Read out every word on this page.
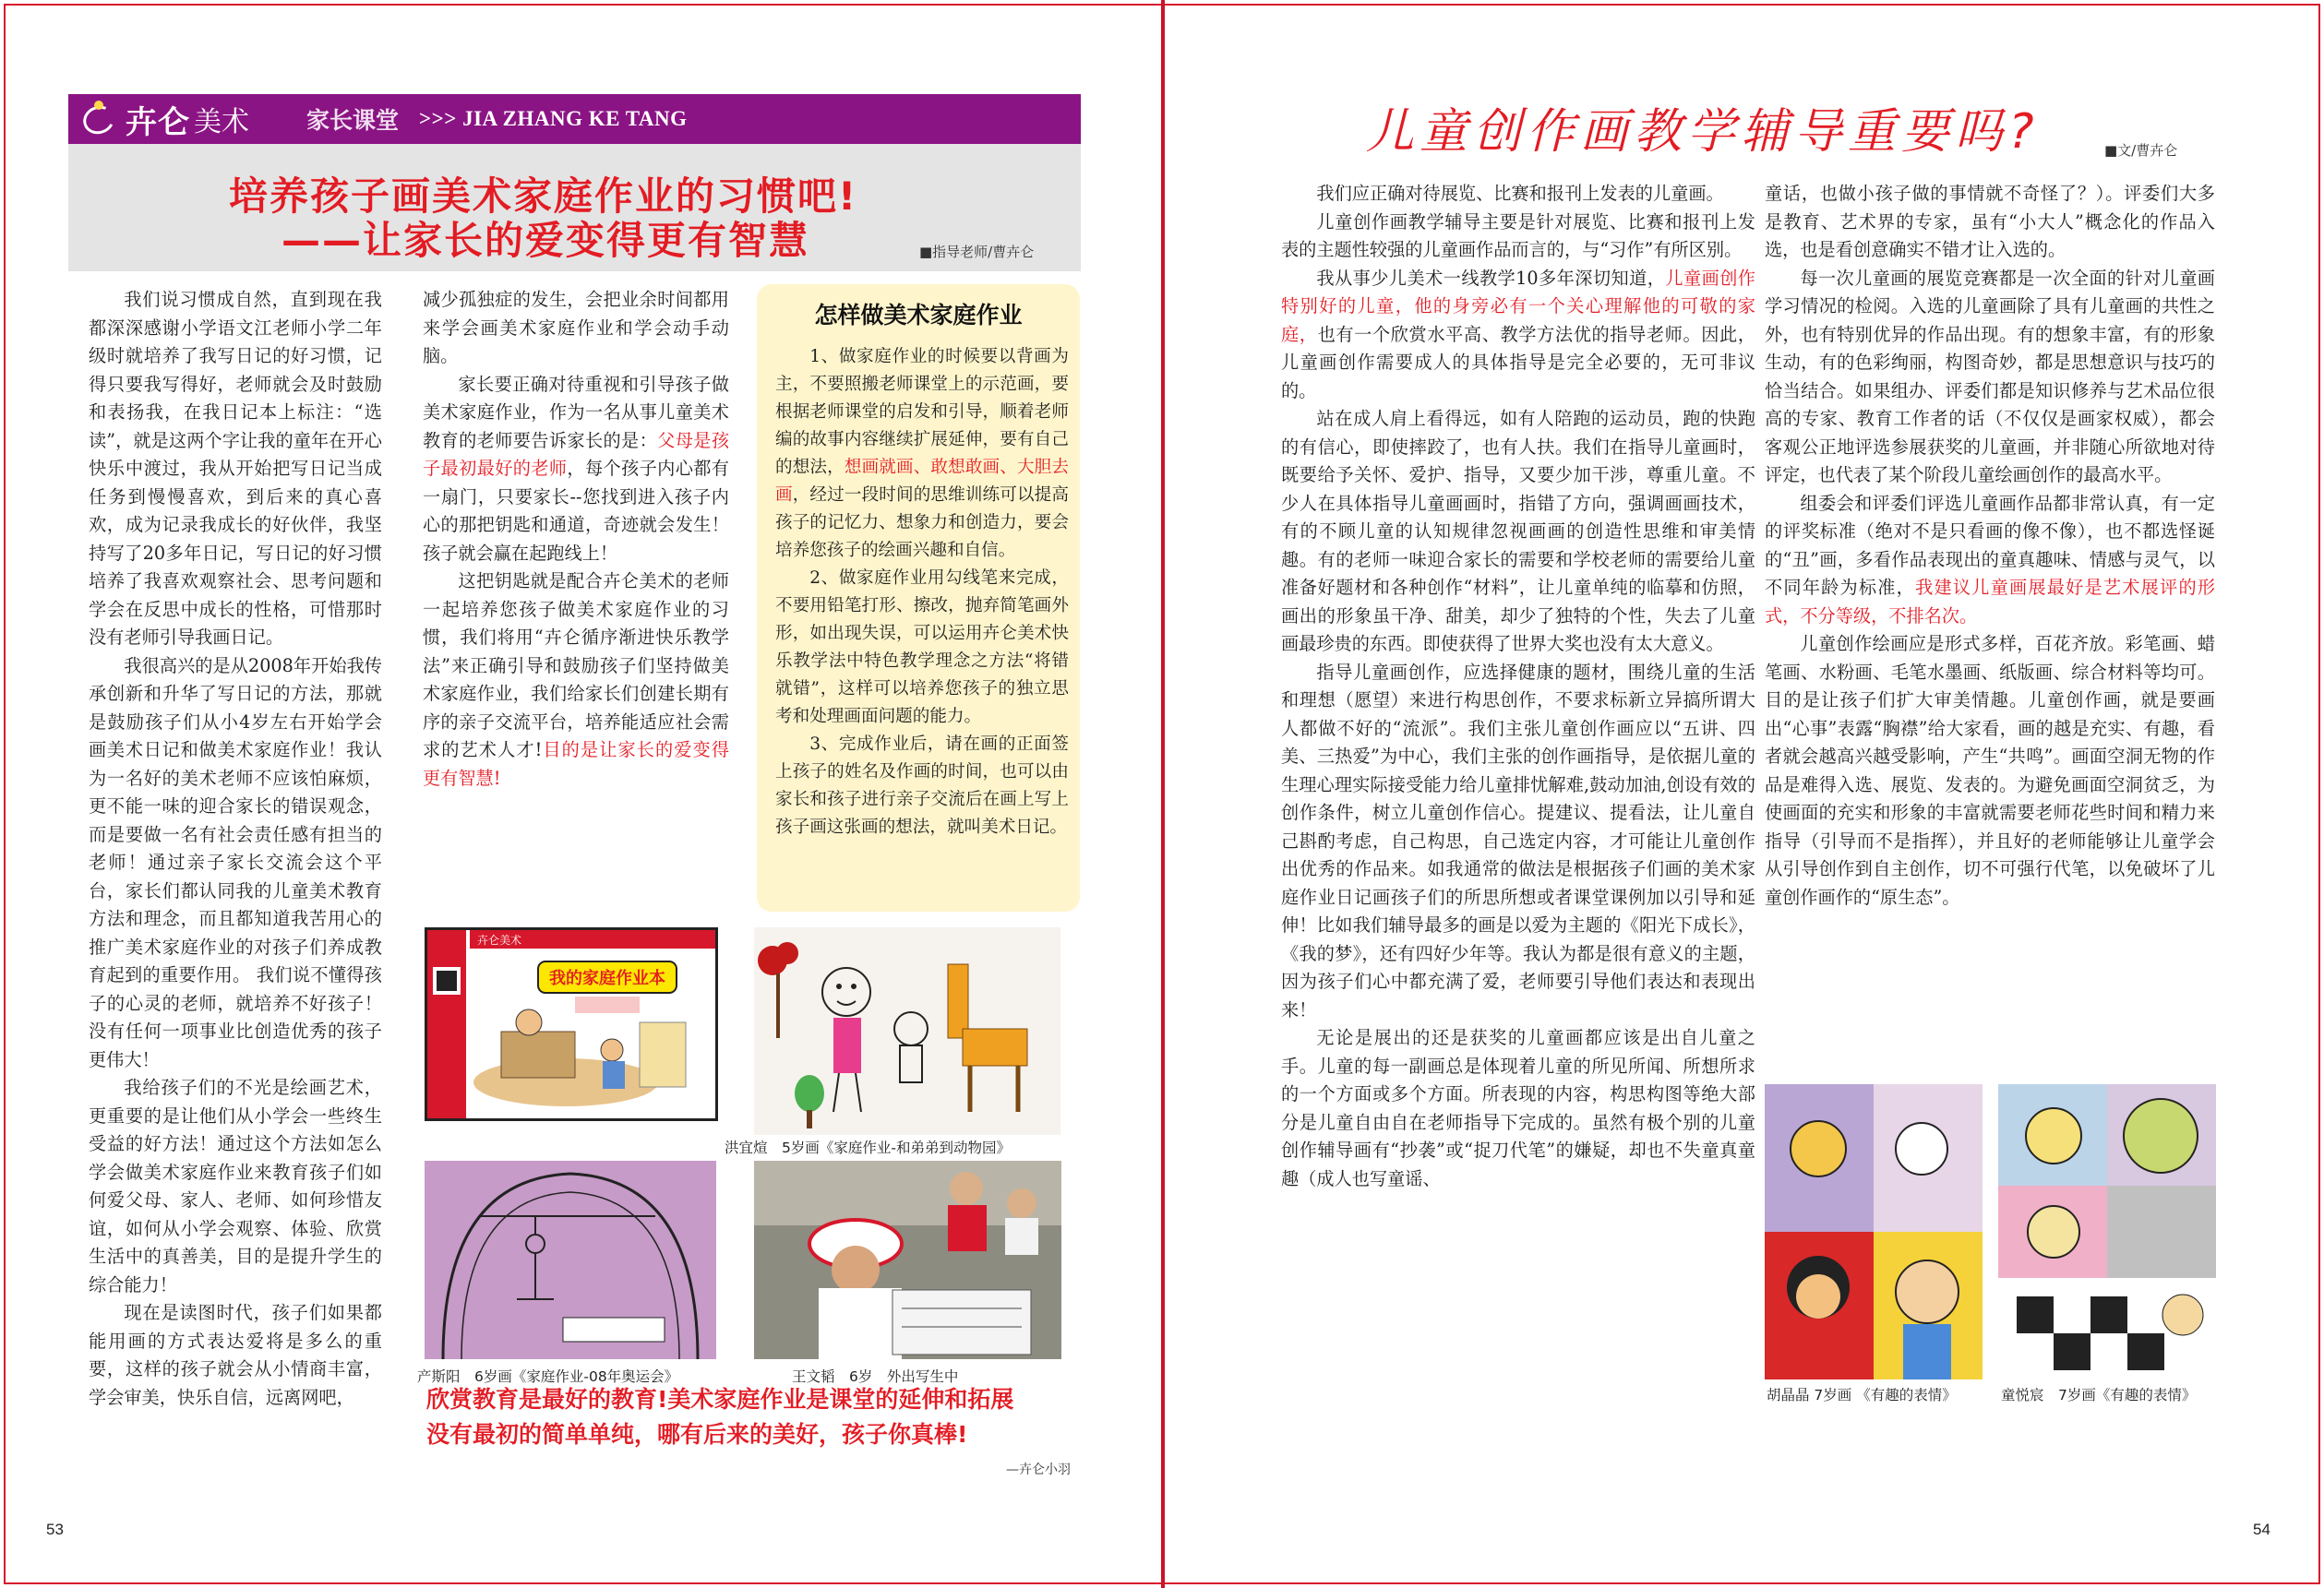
卉仑 美术 家长课堂 >>> JIA ZHANG KE TANG
培养孩子画美术家庭作业的习惯吧!
——让家长的爱变得更有智慧	■指导老师/曹卉仑

我们说习惯成自然，直到现在我都深深感谢小学语文江老师小学二年级时就培养了我写日记的好习惯，记得只要我写得好，老师就会及时鼓励和表扬我，在我日记本上标注：“选读”，就是这两个字让我的童年在开心快乐中渡过，我从开始把写日记当成任务到慢慢喜欢，到后来的真心喜欢，成为记录我成长的好伙伴，我坚持写了20多年日记，写日记的好习惯培养了我喜欢观察社会、思考问题和学会在反思中成长的性格，可惜那时没有老师引导我画日记。

我很高兴的是从2008年开始我传承创新和升华了写日记的方法，那就是鼓励孩子们从小4岁左右开始学会画美术日记和做美术家庭作业！我认为一名好的美术老师不应该怕麻烦，更不能一味的迎合家长的错误观念，而是要做一名有社会责任感有担当的老师！通过亲子家长交流会这个平台，家长们都认同我的儿童美术教育方法和理念，而且都知道我苦用心的推广美术家庭作业的对孩子们养成教育起到的重要作用。 我们说不懂得孩子的心灵的老师，就培养不好孩子！没有任何一项事业比创造优秀的孩子更伟大！

我给孩子们的不光是绘画艺术，更重要的是让他们从小学会一些终生受益的好方法！通过这个方法如怎么学会做美术家庭作业来教育孩子们如何爱父母、家人、老师、如何珍惜友谊，如何从小学会观察、体验、欣赏生活中的真善美，目的是提升学生的综合能力！

现在是读图时代，孩子们如果都能用画的方式表达爱将是多么的重要，这样的孩子就会从小情商丰富，学会审美，快乐自信，远离网吧，

减少孤独症的发生，会把业余时间都用来学会画美术家庭作业和学会动手动脑。

家长要正确对待重视和引导孩子做美术家庭作业，作为一名从事儿童美术教育的老师要告诉家长的是：父母是孩子最初最好的老师，每个孩子内心都有一扇门，只要家长--您找到进入孩子内心的那把钥匙和通道，奇迹就会发生！孩子就会赢在起跑线上！

这把钥匙就是配合卉仑美术的老师一起培养您孩子做美术家庭作业的习惯，我们将用“卉仑循序渐进快乐教学法”来正确引导和鼓励孩子们坚持做美术家庭作业，我们给家长们创建长期有序的亲子交流平台，培养能适应社会需求的艺术人才!目的是让家长的爱变得更有智慧!

怎样做美术家庭作业

1、做家庭作业的时候要以背画为主，不要照搬老师课堂上的示范画，要根据老师课堂的启发和引导，顺着老师编的故事内容继续扩展延伸，要有自己的想法，想画就画、敢想敢画、大胆去画，经过一段时间的思维训练可以提高孩子的记忆力、想象力和创造力，要会培养您孩子的绘画兴趣和自信。

2、做家庭作业用勾线笔来完成，不要用铅笔打形、擦改，抛弃简笔画外形，如出现失误，可以运用卉仑美术快乐教学法中特色教学理念之方法“将错就错”，这样可以培养您孩子的独立思考和处理画面问题的能力。

3、完成作业后，请在画的正面签上孩子的姓名及作画的时间，也可以由家长和孩子进行亲子交流后在画上写上孩子画这张画的想法，就叫美术日记。

卉仑美术
我的家庭作业本
洪宜煊　5岁画《家庭作业-和弟弟到动物园》
产斯阳　6岁画《家庭作业-08年奥运会》	王文韬　6岁　外出写生中
欣赏教育是最好的教育!美术家庭作业是课堂的延伸和拓展
没有最初的简单单纯，哪有后来的美好，孩子你真棒!
—卉仑小羽
53
儿童创作画教学辅导重要吗?	■文/曹卉仑

我们应正确对待展览、比赛和报刊上发表的儿童画。

儿童创作画教学辅导主要是针对展览、比赛和报刊上发表的主题性较强的儿童画作品而言的，与“习作”有所区别。

我从事少儿美术一线教学10多年深切知道，儿童画创作特别好的儿童，他的身旁必有一个关心理解他的可敬的家庭，也有一个欣赏水平高、教学方法优的指导老师。因此，儿童画创作需要成人的具体指导是完全必要的，无可非议的。

站在成人肩上看得远，如有人陪跑的运动员，跑的快跑的有信心，即使摔跤了，也有人扶。我们在指导儿童画时，既要给予关怀、爱护、指导，又要少加干涉，尊重儿童。不少人在具体指导儿童画画时，指错了方向，强调画画技术，有的不顾儿童的认知规律忽视画画的创造性思维和审美情趣。有的老师一味迎合家长的需要和学校老师的需要给儿童准备好题材和各种创作“材料”，让儿童单纯的临摹和仿照，画出的形象虽干净、甜美，却少了独特的个性，失去了儿童画最珍贵的东西。即使获得了世界大奖也没有太大意义。

指导儿童画创作，应选择健康的题材，围绕儿童的生活和理想（愿望）来进行构思创作，不要求标新立异搞所谓大人都做不好的“流派”。我们主张儿童创作画应以“五讲、四美、三热爱”为中心，我们主张的创作画指导，是依据儿童的生理心理实际接受能力给儿童排忧解难,鼓动加油,创设有效的创作条件，树立儿童创作信心。提建议、提看法，让儿童自己斟酌考虑，自己构思，自己选定内容，才可能让儿童创作出优秀的作品来。如我通常的做法是根据孩子们画的美术家庭作业日记画孩子们的所思所想或者课堂课例加以引导和延伸！比如我们辅导最多的画是以爱为主题的《阳光下成长》，《我的梦》，还有四好少年等。我认为都是很有意义的主题，因为孩子们心中都充满了爱，老师要引导他们表达和表现出来！

无论是展出的还是获奖的儿童画都应该是出自儿童之手。儿童的每一副画总是体现着儿童的所见所闻、所想所求的一个方面或多个方面。所表现的内容，构思构图等绝大部分是儿童自由自在老师指导下完成的。虽然有极个别的儿童创作辅导画有“抄袭”或“捉刀代笔”的嫌疑，却也不失童真童趣（成人也写童谣、

童话，也做小孩子做的事情就不奇怪了？）。评委们大多是教育、艺术界的专家，虽有“小大人”概念化的作品入选，也是看创意确实不错才让入选的。

每一次儿童画的展览竞赛都是一次全面的针对儿童画学习情况的检阅。入选的儿童画除了具有儿童画的共性之外，也有特别优异的作品出现。有的想象丰富，有的形象生动，有的色彩绚丽，构图奇妙，都是思想意识与技巧的恰当结合。如果组办、评委们都是知识修养与艺术品位很高的专家、教育工作者的话（不仅仅是画家权威），都会客观公正地评选参展获奖的儿童画，并非随心所欲地对待评定，也代表了某个阶段儿童绘画创作的最高水平。

组委会和评委们评选儿童画作品都非常认真，有一定的评奖标准（绝对不是只看画的像不像），也不都选怪诞的“丑”画，多看作品表现出的童真趣味、情感与灵气，以不同年龄为标准，我建议儿童画展最好是艺术展评的形式，不分等级，不排名次。

儿童创作绘画应是形式多样，百花齐放。彩笔画、蜡笔画、水粉画、毛笔水墨画、纸版画、综合材料等均可。目的是让孩子们扩大审美情趣。儿童创作画，就是要画出“心事”表露“胸襟”给大家看，画的越是充实、有趣，看者就会越高兴越受影响，产生“共鸣”。画面空洞无物的作品是难得入选、展览、发表的。为避免画面空洞贫乏，为使画面的充实和形象的丰富就需要老师花些时间和精力来指导（引导而不是指挥），并且好的老师能够让儿童学会从引导创作到自主创作，切不可强行代笔，以免破坏了儿童创作画作的“原生态”。

胡晶晶 7岁画 《有趣的表情》	童悦宸　7岁画《有趣的表情》
54
